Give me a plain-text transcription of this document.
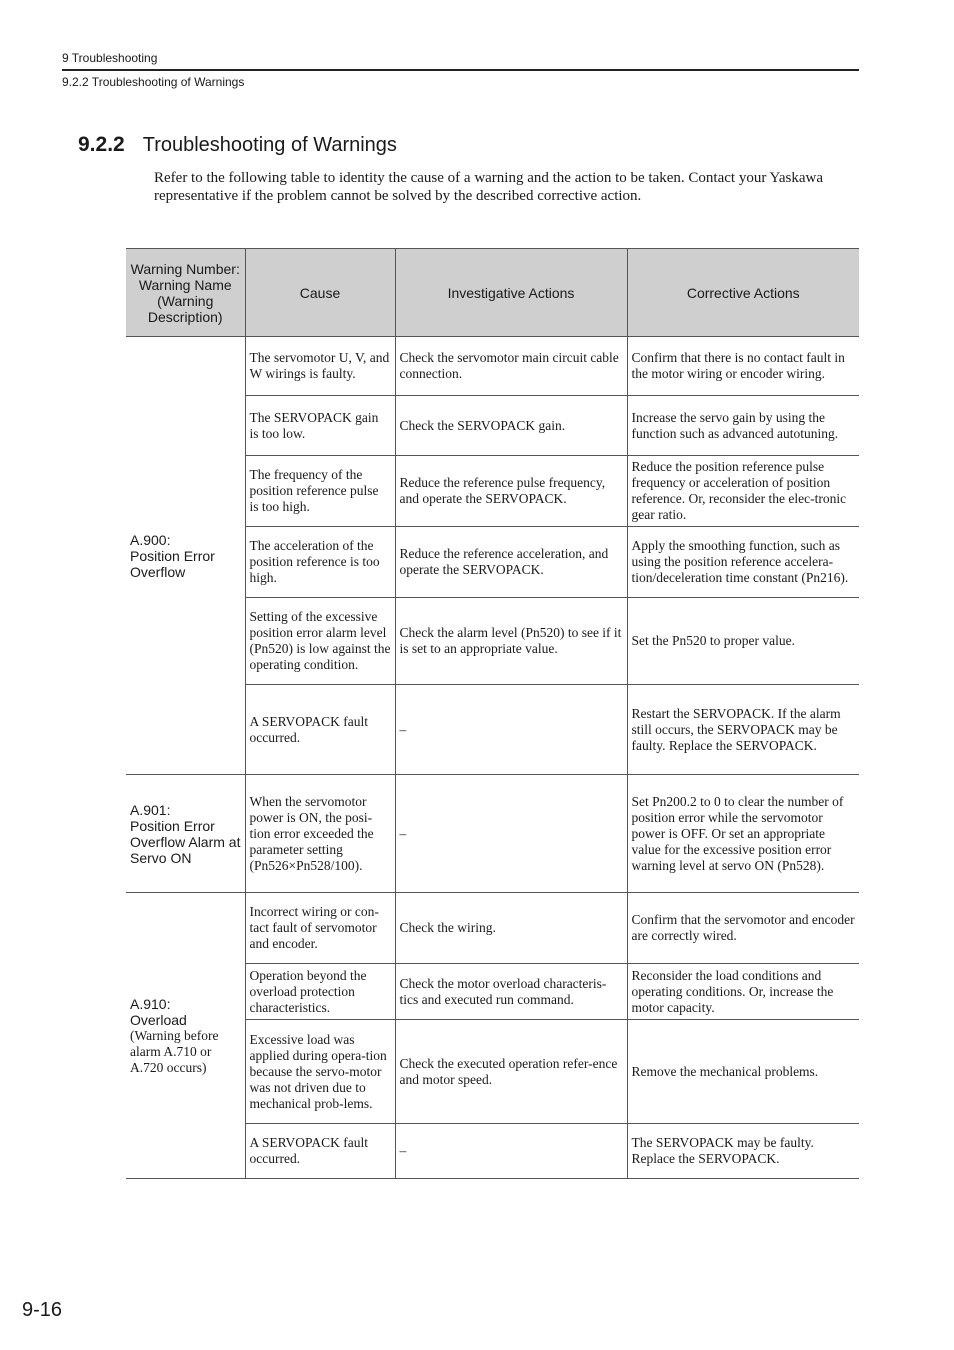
9 Troubleshooting
9.2.2 Troubleshooting of Warnings
9.2.2 Troubleshooting of Warnings

Refer to the following table to identity the cause of a warning and the action to be taken. Contact your Yaskawa representative if the problem cannot be solved by the described corrective action.

Warning Number: Warning Name (Warning Description)	Cause	Investigative Actions	Corrective Actions

A.900:
Position Error Overflow	The servomotor U, V, and W wirings is faulty.	Check the servomotor main circuit cable connection.	Confirm that there is no contact fault in the motor wiring or encoder wiring.
	The SERVOPACK gain is too low.	Check the SERVOPACK gain.	Increase the servo gain by using the function such as advanced autotuning.
	The frequency of the position reference pulse is too high.	Reduce the reference pulse frequency, and operate the SERVOPACK.	Reduce the position reference pulse frequency or acceleration of position reference. Or, reconsider the elec-tronic gear ratio.
	The acceleration of the position reference is too high.	Reduce the reference acceleration, and operate the SERVOPACK.	Apply the smoothing function, such as using the position reference accelera-tion/deceleration time constant (Pn216).
	Setting of the excessive position error alarm level (Pn520) is low against the operating condition.	Check the alarm level (Pn520) to see if it is set to an appropriate value.	Set the Pn520 to proper value.
	A SERVOPACK fault occurred.	–	Restart the SERVOPACK. If the alarm still occurs, the SERVOPACK may be faulty. Replace the SERVOPACK.

A.901:
Position Error Overflow Alarm at Servo ON	When the servomotor power is ON, the posi-tion error exceeded the parameter setting (Pn526×Pn528/100).	–	Set Pn200.2 to 0 to clear the number of position error while the servomotor power is OFF. Or set an appropriate value for the excessive position error warning level at servo ON (Pn528).

A.910:
Overload
(Warning before alarm A.710 or A.720 occurs)	Incorrect wiring or con-tact fault of servomotor and encoder.	Check the wiring.	Confirm that the servomotor and encoder are correctly wired.
	Operation beyond the overload protection characteristics.	Check the motor overload characteris-tics and executed run command.	Reconsider the load conditions and operating conditions. Or, increase the motor capacity.
	Excessive load was applied during opera-tion because the servo-motor was not driven due to mechanical prob-lems.	Check the executed operation refer-ence and motor speed.	Remove the mechanical problems.
	A SERVOPACK fault occurred.	–	The SERVOPACK may be faulty. Replace the SERVOPACK.
9-16
